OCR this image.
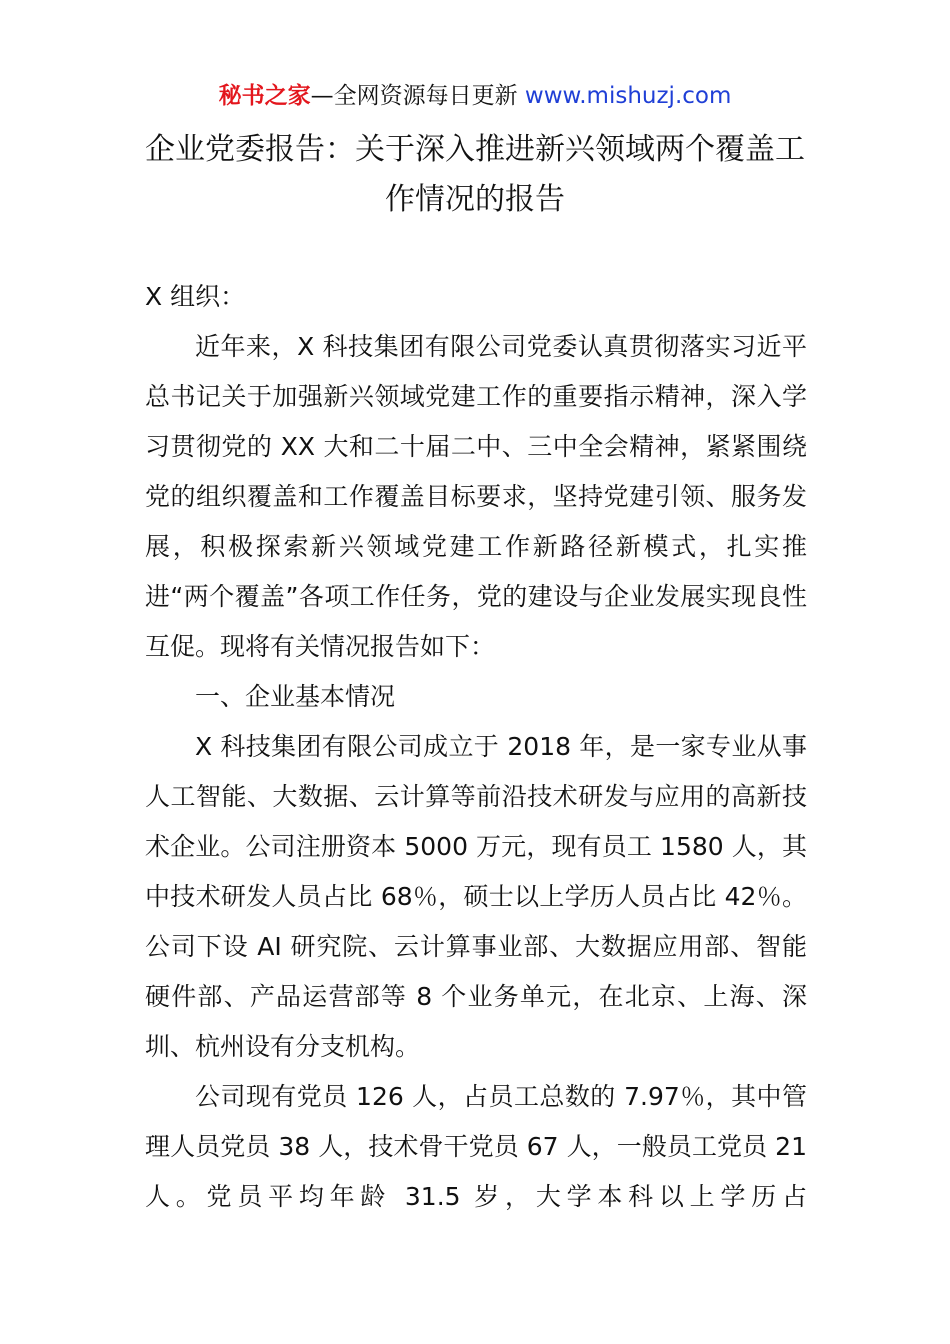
秘书之家—全网资源每日更新 www.mishuzj.com
企业党委报告：关于深入推进新兴领域两个覆盖工作情况的报告

X 组织：

近年来，X 科技集团有限公司党委认真贯彻落实习近平总书记关于加强新兴领域党建工作的重要指示精神，深入学习贯彻党的 XX 大和二十届二中、三中全会精神，紧紧围绕党的组织覆盖和工作覆盖目标要求，坚持党建引领、服务发展，积极探索新兴领域党建工作新路径新模式，扎实推进“两个覆盖”各项工作任务，党的建设与企业发展实现良性互促。现将有关情况报告如下：

一、企业基本情况

X 科技集团有限公司成立于 2018 年，是一家专业从事人工智能、大数据、云计算等前沿技术研发与应用的高新技术企业。公司注册资本 5000 万元，现有员工 1580 人，其中技术研发人员占比 68％，硕士以上学历人员占比 42％。公司下设 AI 研究院、云计算事业部、大数据应用部、智能硬件部、产品运营部等 8 个业务单元，在北京、上海、深圳、杭州设有分支机构。

公司现有党员 126 人，占员工总数的 7.97％，其中管理人员党员 38 人，技术骨干党员 67 人，一般员工党员 21 人。党员平均年龄 31.5 岁，大学本科以上学历占
